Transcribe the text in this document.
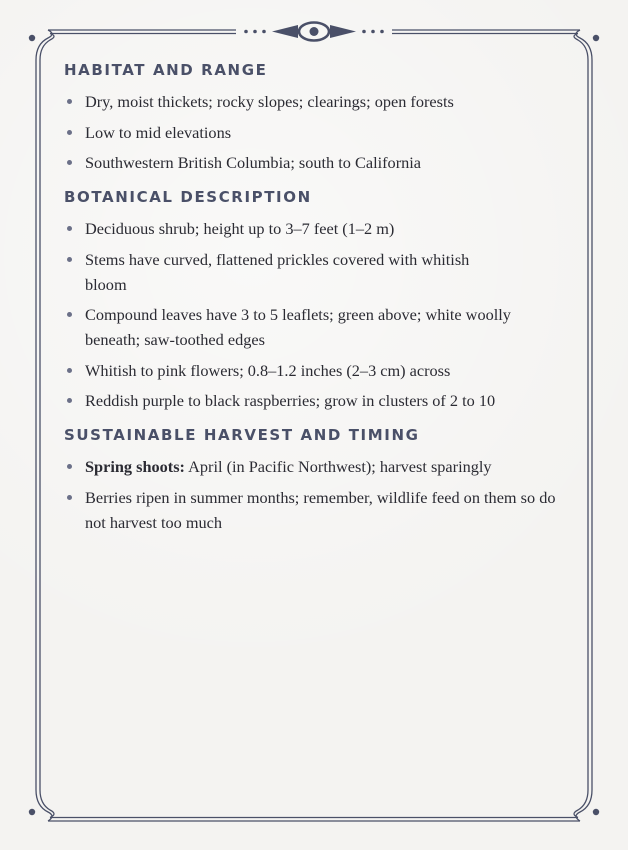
HABITAT AND RANGE
Dry, moist thickets; rocky slopes; clearings; open forests
Low to mid elevations
Southwestern British Columbia; south to California
BOTANICAL DESCRIPTION
Deciduous shrub; height up to 3–7 feet (1–2 m)
Stems have curved, flattened prickles covered with whitish bloom
Compound leaves have 3 to 5 leaflets; green above; white woolly beneath; saw-toothed edges
Whitish to pink flowers; 0.8–1.2 inches (2–3 cm) across
Reddish purple to black raspberries; grow in clusters of 2 to 10
SUSTAINABLE HARVEST AND TIMING
Spring shoots: April (in Pacific Northwest); harvest sparingly
Berries ripen in summer months; remember, wildlife feed on them so do not harvest too much
